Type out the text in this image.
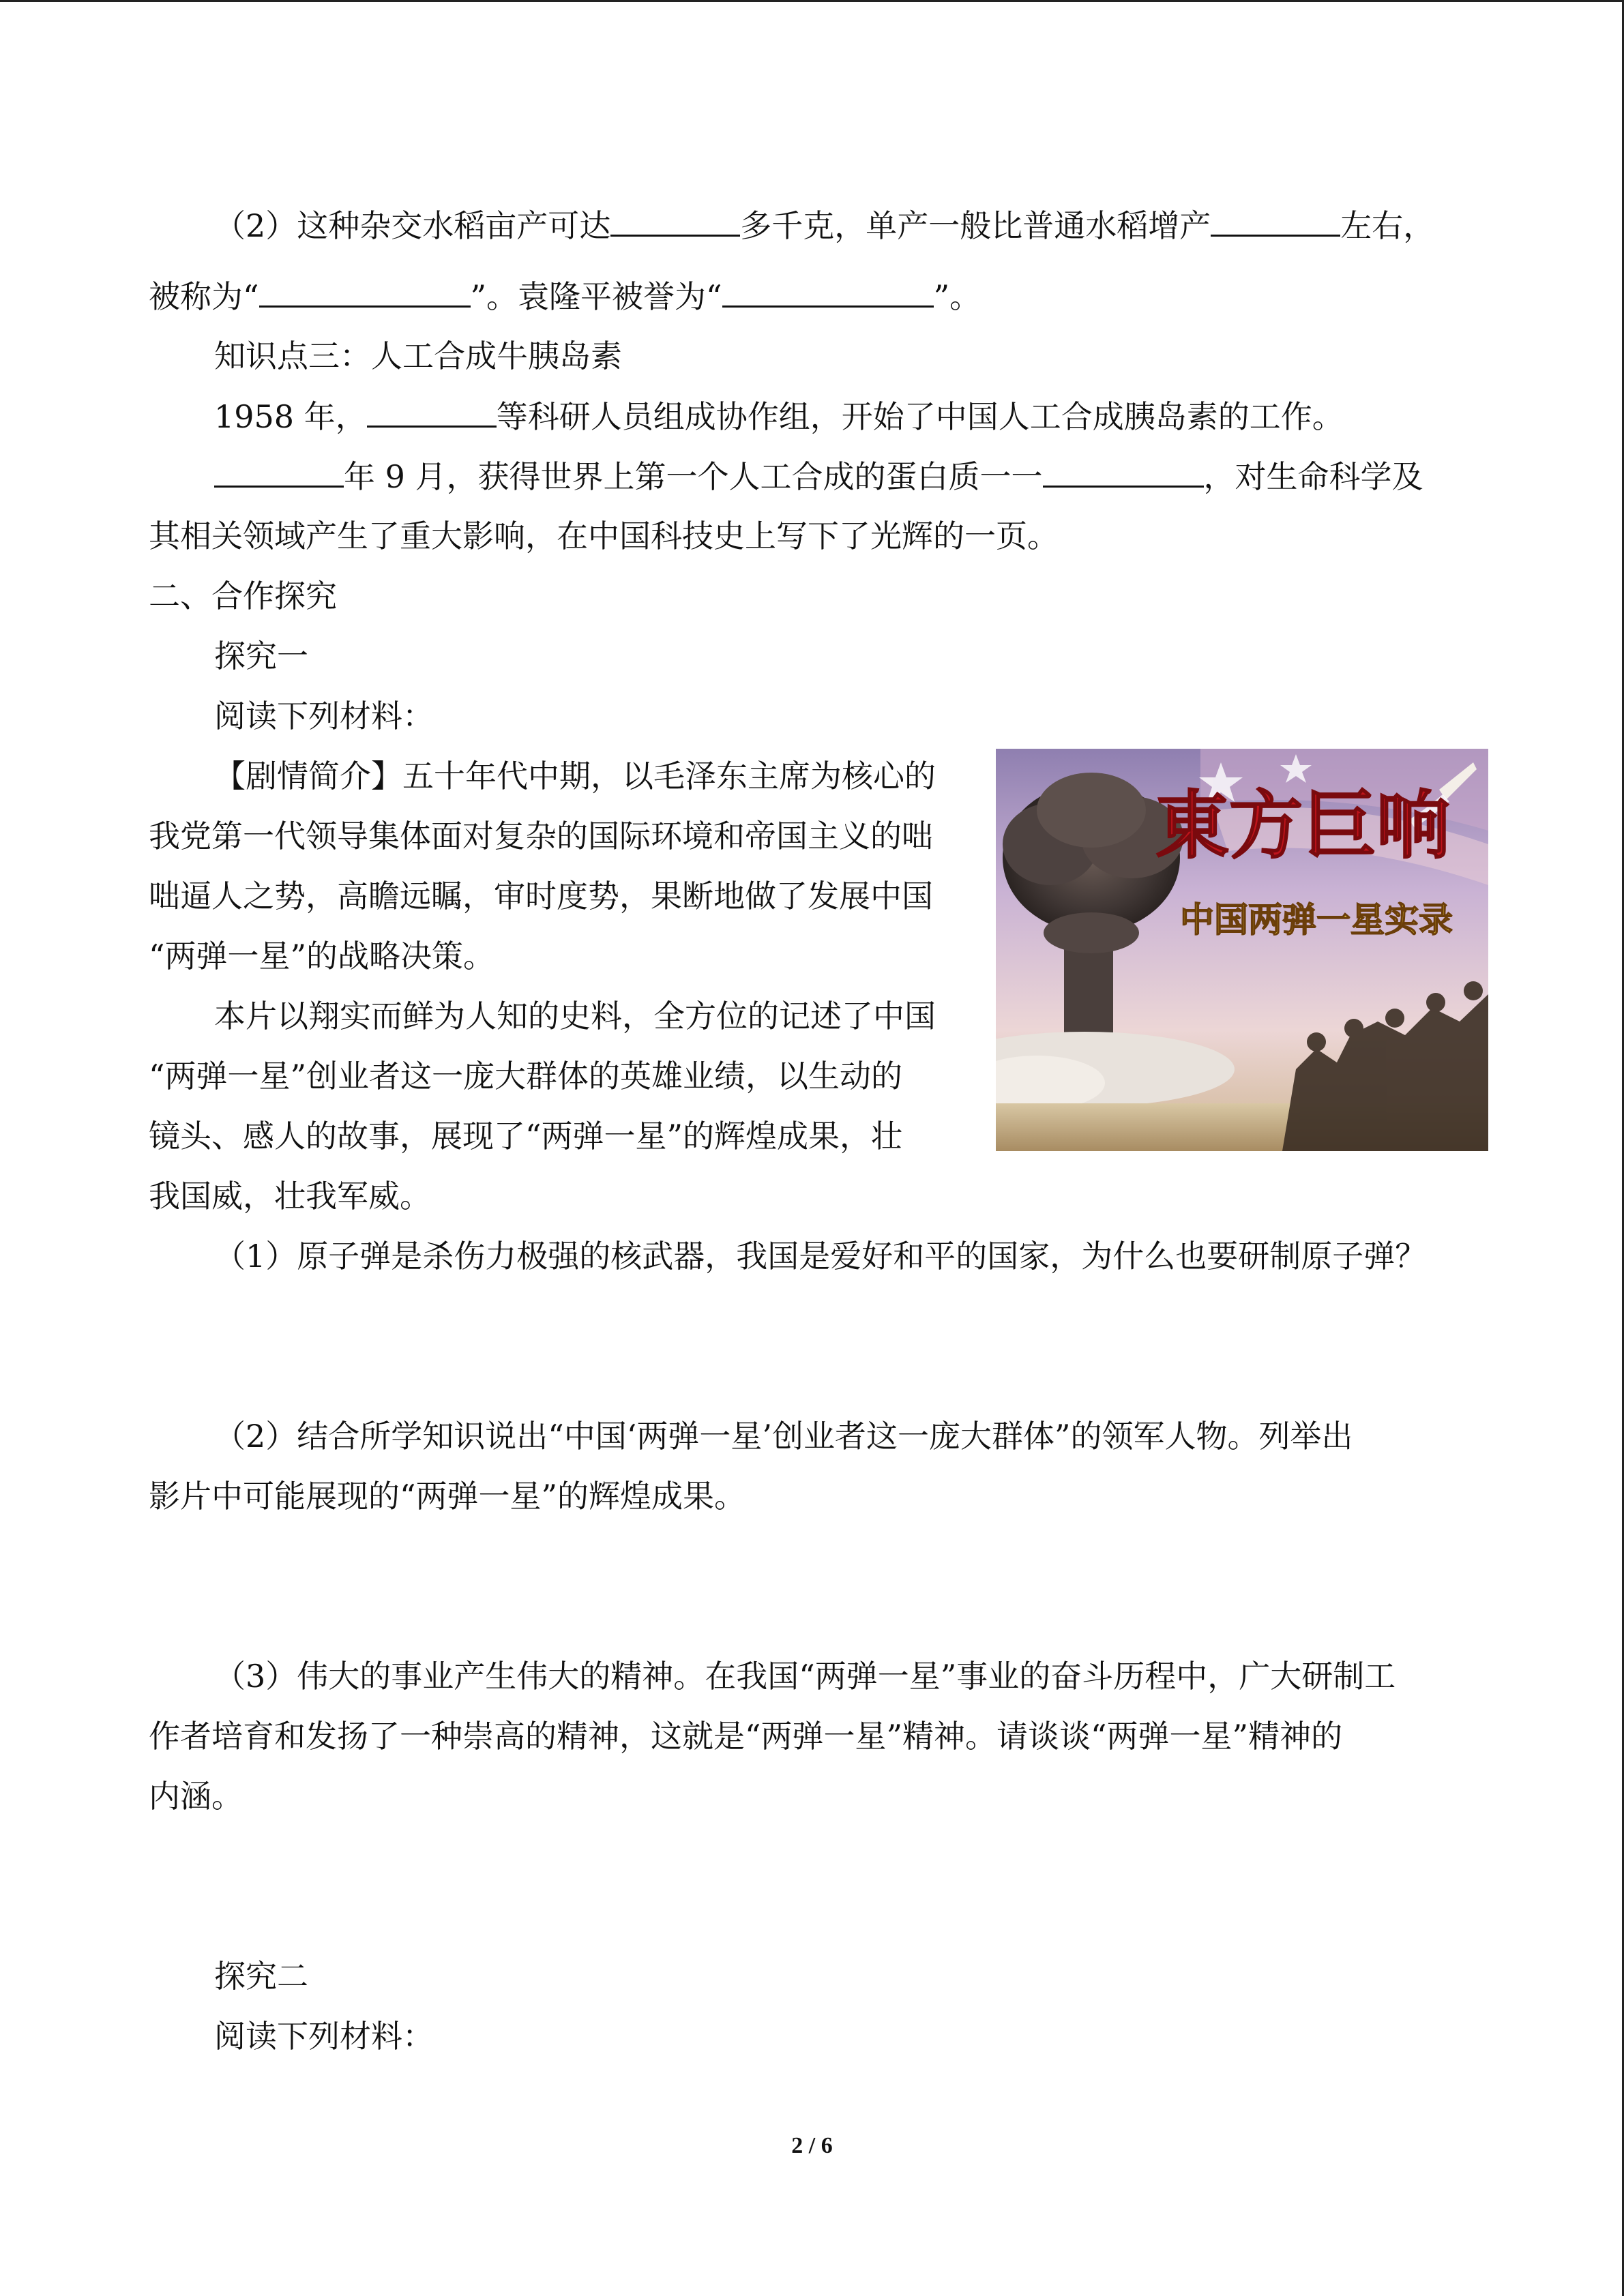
（2）这种杂交水稻亩产可达	多千克，单产一般比普通水稻增产	左右，
被称为“	”。袁隆平被誉为“	”。
知识点三：人工合成牛胰岛素
1958 年，	等科研人员组成协作组，开始了中国人工合成胰岛素的工作。
年 9 月，获得世界上第一个人工合成的蛋白质一一	，对生命科学及
其相关领域产生了重大影响，在中国科技史上写下了光辉的一页。
二、合作探究
探究一
阅读下列材料：
【剧情简介】五十年代中期，以毛泽东主席为核心的
我党第一代领导集体面对复杂的国际环境和帝国主义的咄
咄逼人之势，高瞻远瞩，审时度势，果断地做了发展中国
“两弹一星”的战略决策。
本片以翔实而鲜为人知的史料，全方位的记述了中国
“两弹一星”创业者这一庞大群体的英雄业绩，以生动的
镜头、感人的故事，展现了“两弹一星”的辉煌成果，壮
我国威，壮我军威。
（1）原子弹是杀伤力极强的核武器，我国是爱好和平的国家，为什么也要研制原子弹？
（2）结合所学知识说出“中国‘两弹一星’创业者这一庞大群体”的领军人物。列举出
影片中可能展现的“两弹一星”的辉煌成果。
（3）伟大的事业产生伟大的精神。在我国“两弹一星”事业的奋斗历程中，广大研制工
作者培育和发扬了一种崇高的精神，这就是“两弹一星”精神。请谈谈“两弹一星”精神的
内涵。
探究二
阅读下列材料：
東方巨响
中国两弹一星实录
2 / 6
